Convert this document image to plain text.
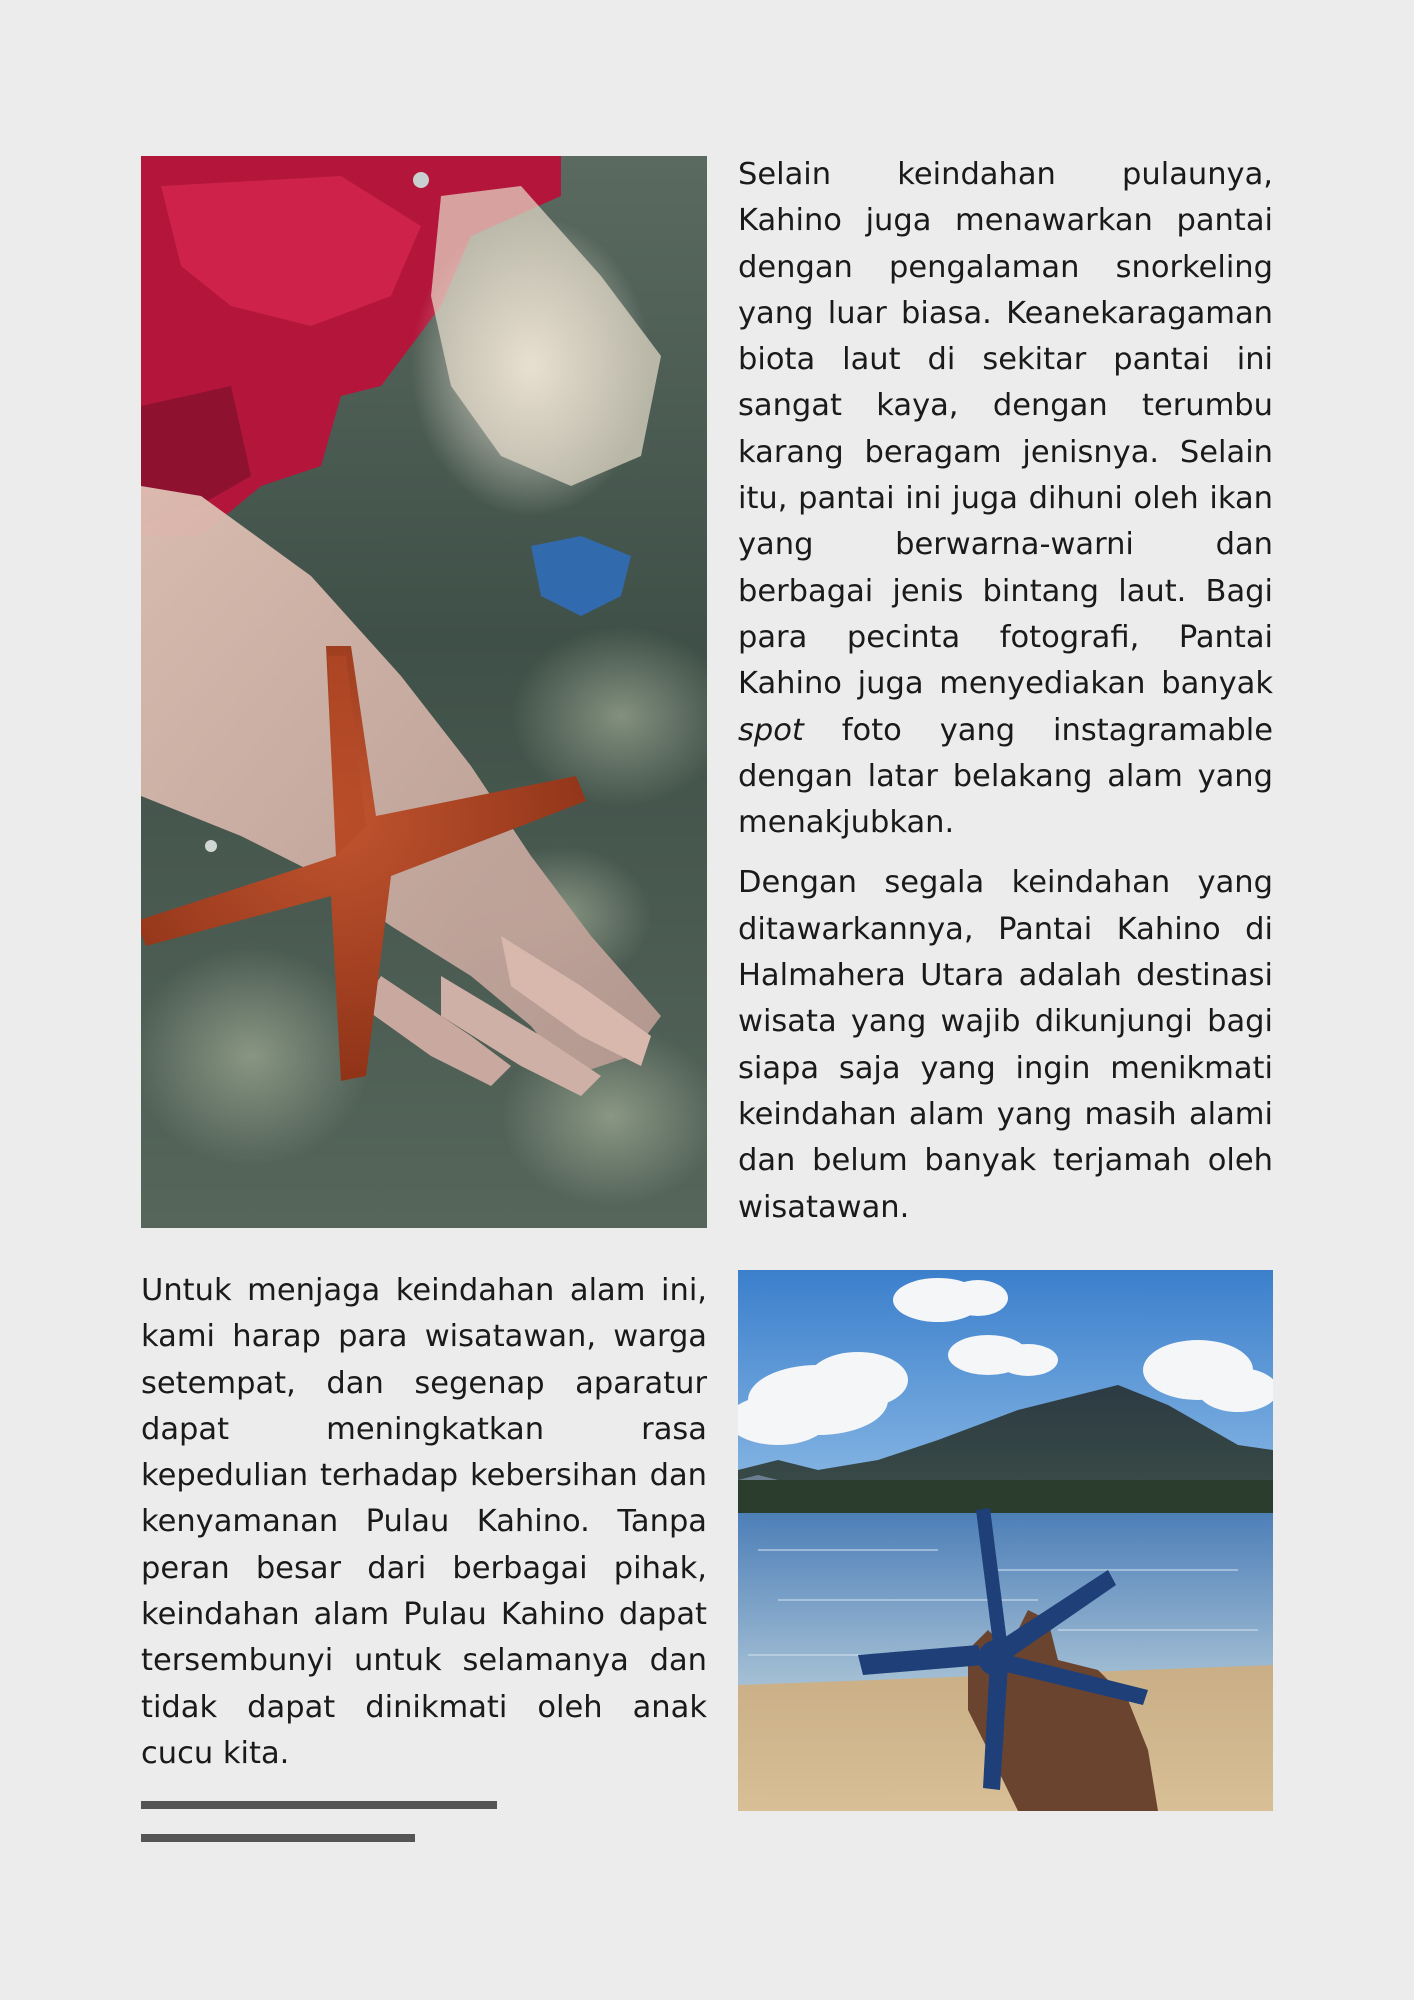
Selain keindahan pulaunya, Kahino juga menawarkan pantai dengan pengalaman snorkeling yang luar biasa. Keanekaragaman biota laut di sekitar pantai ini sangat kaya, dengan terumbu karang beragam jenisnya. Selain itu, pantai ini juga dihuni oleh ikan yang berwarna-warni dan berbagai jenis bintang laut. Bagi para pecinta fotografi, Pantai Kahino juga menyediakan banyak spot foto yang instagramable dengan latar belakang alam yang menakjubkan.

Dengan segala keindahan yang ditawarkannya, Pantai Kahino di Halmahera Utara adalah destinasi wisata yang wajib dikunjungi bagi siapa saja yang ingin menikmati keindahan alam yang masih alami dan belum banyak terjamah oleh wisatawan.

Untuk menjaga keindahan alam ini, kami harap para wisatawan, warga setempat, dan segenap aparatur dapat meningkatkan rasa kepedulian terhadap kebersihan dan kenyamanan Pulau Kahino. Tanpa peran besar dari berbagai pihak, keindahan alam Pulau Kahino dapat tersembunyi untuk selamanya dan tidak dapat dinikmati oleh anak cucu kita.
